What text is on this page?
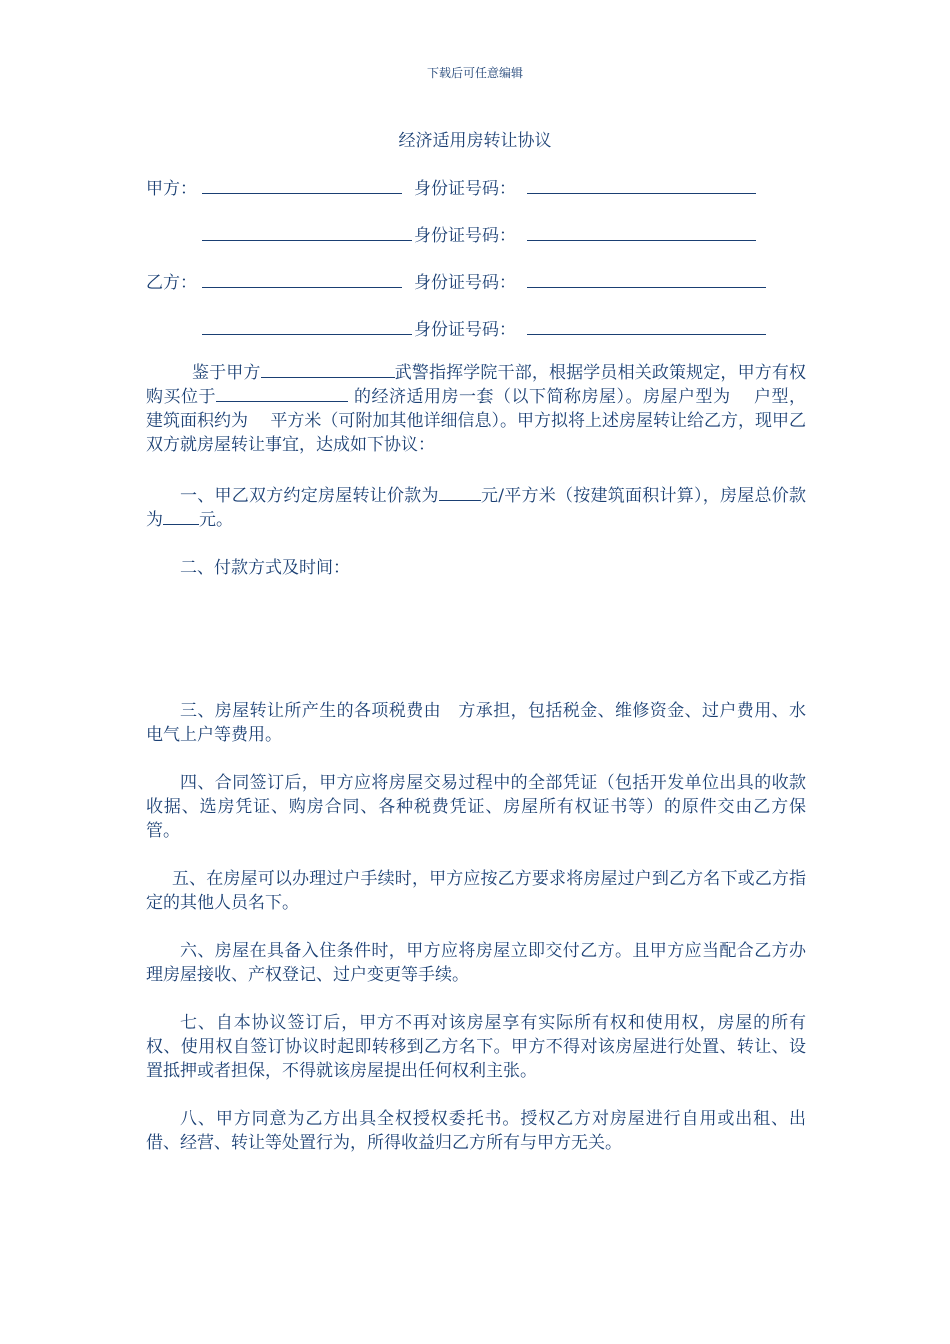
下载后可任意编辑
经济适用房转让协议
甲方：	身份证号码：
身份证号码：
乙方：	身份证号码：
身份证号码：

鉴于甲方	武警指挥学院干部，根据学员相关政策规定，甲方有权购买位于	的经济适用房一套（以下简称房屋）。房屋户型为　 户型，建筑面积约为　 平方米（可附加其他详细信息）。甲方拟将上述房屋转让给乙方，现甲乙双方就房屋转让事宜，达成如下协议：

一、甲乙双方约定房屋转让价款为 元/平方米（按建筑面积计算），房屋总价款为 元。

二、付款方式及时间：

三、房屋转让所产生的各项税费由　方承担，包括税金、维修资金、过户费用、水电气上户等费用。

四、合同签订后，甲方应将房屋交易过程中的全部凭证（包括开发单位出具的收款收据、选房凭证、购房合同、各种税费凭证、房屋所有权证书等）的原件交由乙方保管。

五、在房屋可以办理过户手续时，甲方应按乙方要求将房屋过户到乙方名下或乙方指定的其他人员名下。

六、房屋在具备入住条件时，甲方应将房屋立即交付乙方。且甲方应当配合乙方办理房屋接收、产权登记、过户变更等手续。

七、自本协议签订后，甲方不再对该房屋享有实际所有权和使用权，房屋的所有权、使用权自签订协议时起即转移到乙方名下。甲方不得对该房屋进行处置、转让、设置抵押或者担保，不得就该房屋提出任何权利主张。

八、甲方同意为乙方出具全权授权委托书。授权乙方对房屋进行自用或出租、出借、经营、转让等处置行为，所得收益归乙方所有与甲方无关。
